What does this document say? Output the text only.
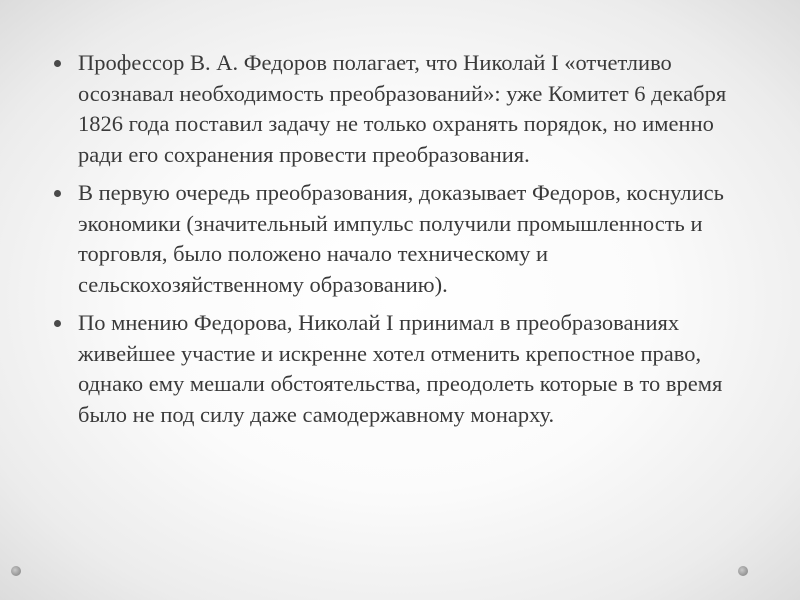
Профессор В. А. Федоров полагает, что Николай I «отчетливо осознавал необходимость преобразований»: уже Комитет 6 декабря 1826 года поставил задачу не только охранять порядок, но именно ради его сохранения провести преобразования.
В первую очередь преобразования, доказывает Федоров, коснулись экономики (значительный импульс получили промышленность и торговля, было положено начало техническому и сельскохозяйственному образованию).
По мнению Федорова, Николай I принимал в преобразованиях живейшее участие и искренне хотел отменить крепостное право, однако ему мешали обстоятельства, преодолеть которые в то время было не под силу даже самодержавному монарху.
